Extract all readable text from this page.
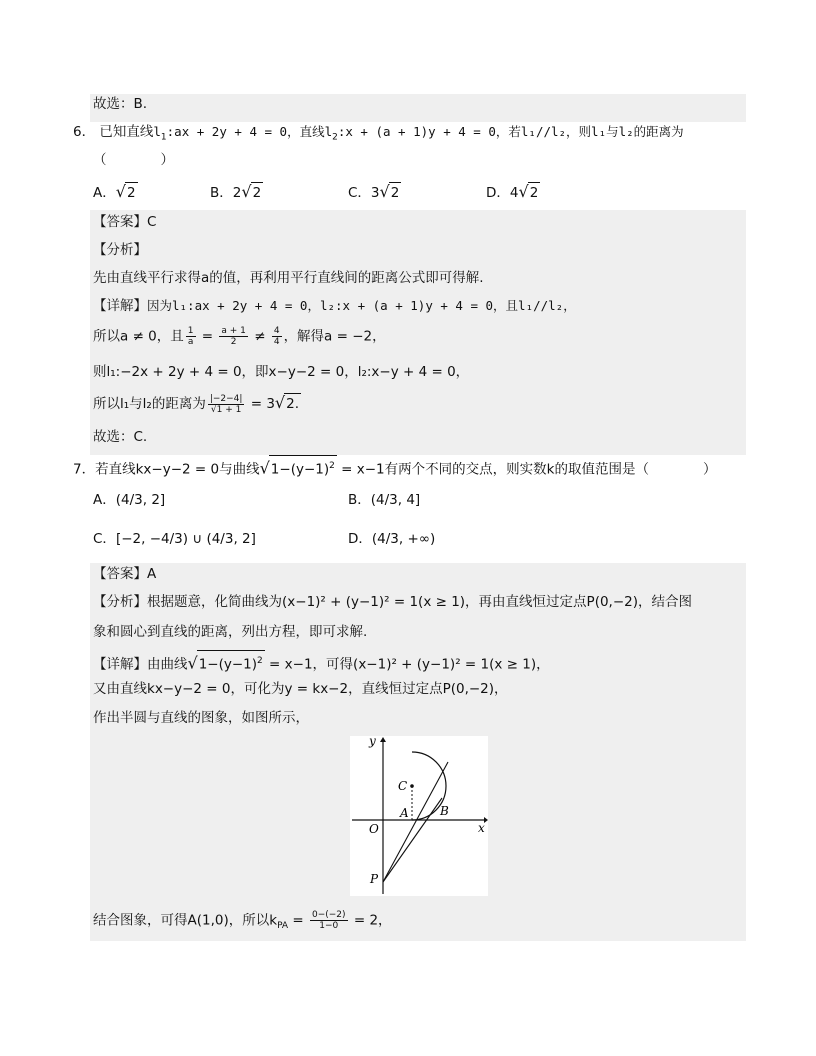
故选：B.
6． 已知直线$l_1:ax + 2y + 4 = 0$，直线$l_2:x + (a + 1)y + 4 = 0$，若l₁//l₂，则l₁与l₂的距离为
（　　　　）
A．√2	B．2√2	C．3√2	D．4√2
【答案】C
【分析】
先由直线平行求得a的值，再利用平行直线间的距离公式即可得解.
【详解】因为l₁:ax + 2y + 4 = 0，l₂:x + (a + 1)y + 4 = 0，且l₁//l₂，
所以a ≠ 0，且 $\frac{1}{a} = \frac{a + 1}{2} \ne \frac{4}{4}$ ，解得a = −2，
则l₁:−2x + 2y + 4 = 0，即x−y−2 = 0，l₂:x−y + 4 = 0，
所以l₁与l₂的距离为 $\frac{|-2-4|}{√1 + 1} = 3√2$.
故选：C.
7．若直线kx−y−2 = 0与曲线$√1-(y-1)^2 = x-1$有两个不同的交点，则实数k的取值范围是（　　　　）
A．(4/3, 2]	B．(4/3, 4]
C．[−2, −4/3) ∪ (4/3, 2]	D．(4/3, +∞)
【答案】A
【分析】根据题意，化简曲线为(x−1)² + (y−1)² = 1(x ≥ 1)，再由直线恒过定点P(0,−2)，结合图
象和圆心到直线的距离，列出方程，即可求解.
【详解】由曲线$√1-(y-1)^2 = x-1$，可得(x−1)² + (y−1)² = 1(x ≥ 1)，
又由直线kx−y−2 = 0，可化为y = kx−2，直线恒过定点P(0,−2)，
作出半圆与直线的图象，如图所示，
y
x
O
C
A	B
P
结合图象，可得A(1,0)，所以$k_{PA} = \frac{0-(-2)}{1-0} = 2$，
